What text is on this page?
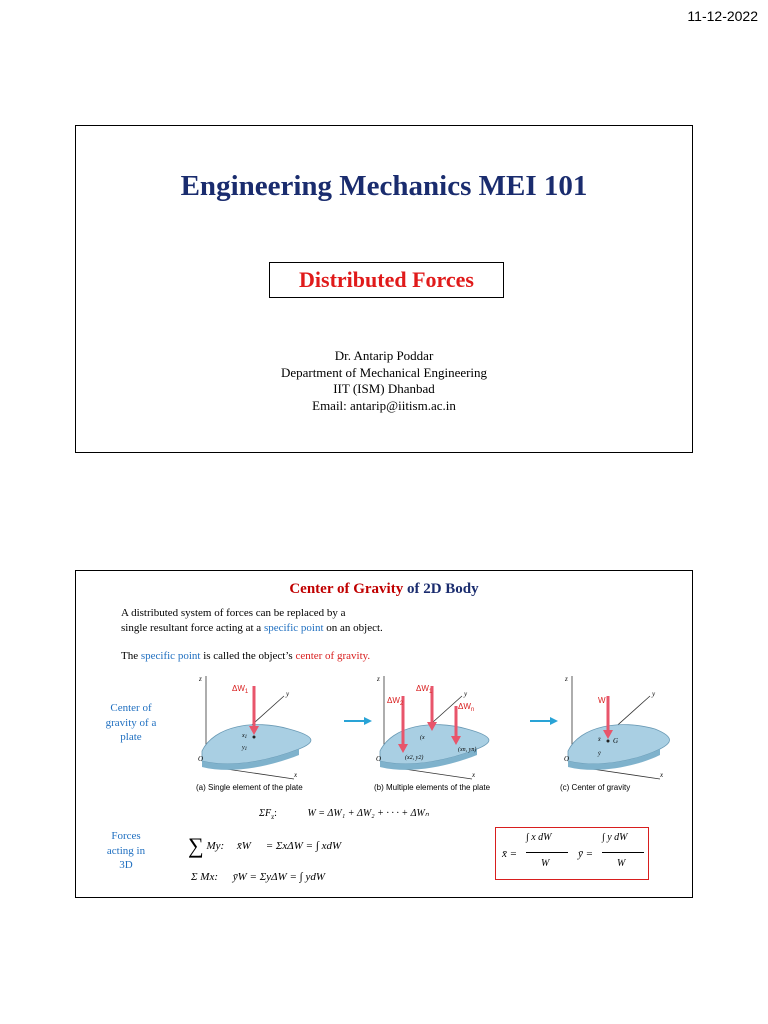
11-12-2022
Engineering Mechanics MEI 101
Distributed Forces
Dr. Antarip Poddar
Department of Mechanical Engineering
IIT (ISM) Dhanbad
Email: antarip@iitism.ac.in
Center of Gravity of 2D Body
A distributed system of forces can be replaced by a
single resultant force acting at a specific point on an object.
The specific point is called the object’s center of gravity.
Center of
gravity of a
plate
Forces
acting in
3D
$\Delta W_1$
O
z
y
x
x1
y1
(a) Single element of the plate
$\Delta W_2$
$\Delta W_1$
$\Delta W_n$
O
z
y
x
(x
(x2, y2)
(xn, yn)
(b) Multiple elements of the plate
W
G
O
z
y
x
x̄
ȳ
(c) Center of gravity
$\Sigma F_z$:	W = ΔW₁ + ΔW₂ + · · · + ΔWₙ
∑ My: x̄W = ΣxΔW = ∫ xdW
Σ Mx: ȳW = ΣyΔW = ∫ ydW
x̄ =
∫ x dW
W
ȳ =
∫ y dW
W
